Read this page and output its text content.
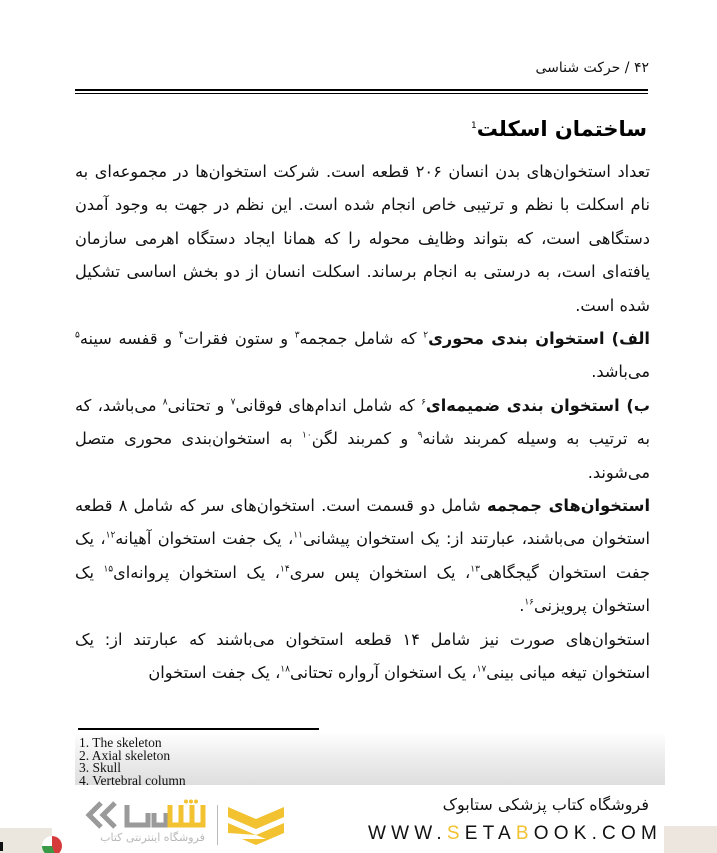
۴۲ / حرکت شناسی
ساختمان اسکلت$^1$

تعداد استخوان‌های بدن انسان ۲۰۶ قطعه است. شرکت استخوان‌ها در مجموعه‌ای به نام اسکلت با نظم و ترتیبی خاص انجام شده است. این نظم در جهت به وجود آمدن دستگاهی است، که بتواند وظایف محوله را که همانا ایجاد دستگاه اهرمی سازمان یافته‌ای است، به درستی به انجام برساند. اسکلت انسان از دو بخش اساسی تشکیل شده است.

الف) استخوان بندی محوری$^۲$ که شامل جمجمه$^۳$ و ستون فقرات$^۴$ و قفسه سینه$^۵$ می‌باشد.

ب) استخوان بندی ضمیمه‌ای$^۶$ که شامل اندام‌های فوقانی$^۷$ و تحتانی$^۸$ می‌باشد، که به ترتیب به وسیله کمربند شانه$^۹$ و کمربند لگن$^{۱۰}$ به استخوان‌بندی محوری متصل می‌شوند.

استخوان‌های جمجمه شامل دو قسمت است. استخوان‌های سر که شامل ۸ قطعه استخوان می‌باشند، عبارتند از: یک استخوان پیشانی$^{۱۱}$، یک جفت استخوان آهیانه$^{۱۲}$، یک جفت استخوان گیجگاهی$^{۱۳}$، یک استخوان پس سری$^{۱۴}$، یک استخوان پروانه‌ای$^{۱۵}$ یک استخوان پرویزنی$^{۱۶}$.

استخوان‌های صورت نیز شامل ۱۴ قطعه استخوان می‌باشند که عبارتند از: یک استخوان تیغه میانی بینی$^{۱۷}$، یک استخوان آرواره تحتانی$^{۱۸}$، یک جفت استخوان

1. The skeleton
2. Axial skeleton
3. Skull
4. Vertebral column
فروشگاه اینترنتی کتاب
فروشگاه کتاب پزشکی ستابوک
WWW.SETABOOK.COM
